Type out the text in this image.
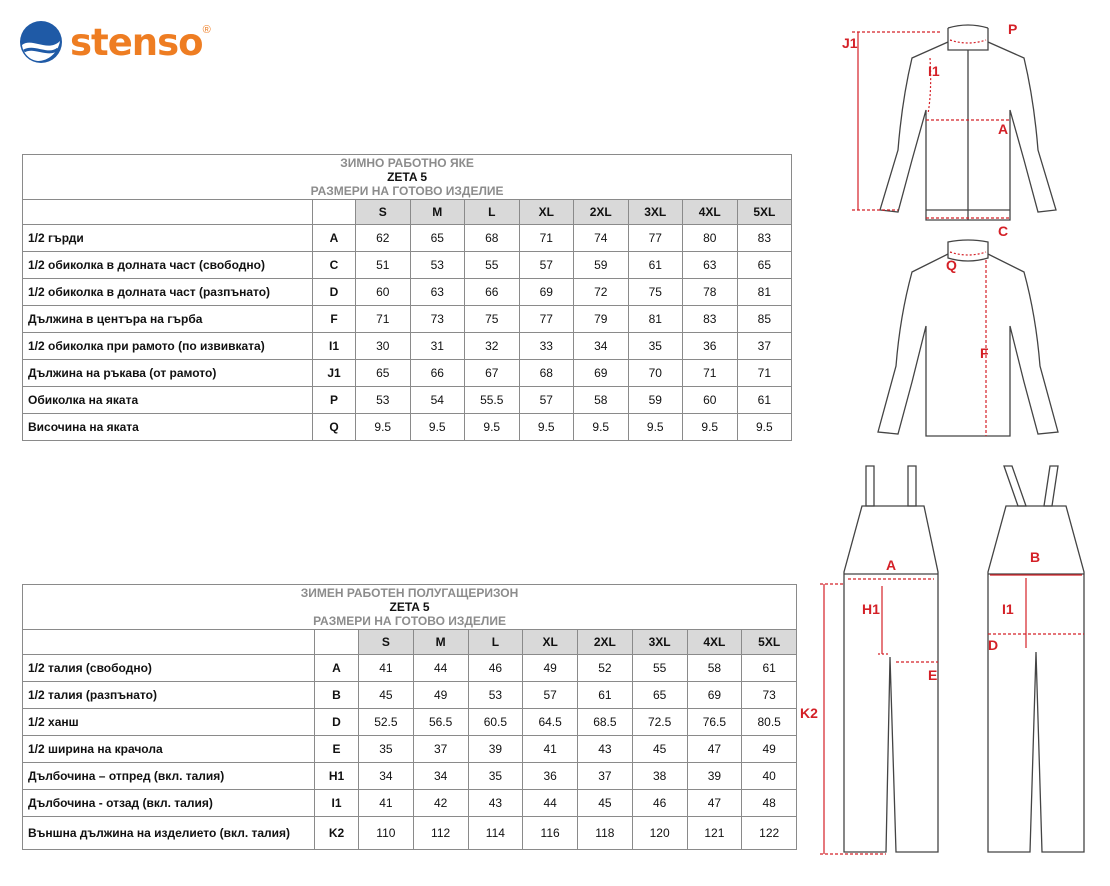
stenso ®
ЗИМНО РАБОТНО ЯКЕ
ZETA 5
РАЗМЕРИ НА ГОТОВО ИЗДЕЛИЕ									

		S	M	L	XL	2XL	3XL	4XL	5XL
1/2 гърди	A	62	65	68	71	74	77	80	83
1/2 обиколка в долната част (свободно)	C	51	53	55	57	59	61	63	65
1/2 обиколка в долната част (разпънато)	D	60	63	66	69	72	75	78	81
Дължина в центъра на гърба	F	71	73	75	77	79	81	83	85
1/2 обиколка при рамото (по извивката)	I1	30	31	32	33	34	35	36	37
Дължина на ръкава (от рамото)	J1	65	66	67	68	69	70	71	71
Обиколка на яката	P	53	54	55.5	57	58	59	60	61
Височина на яката	Q	9.5	9.5	9.5	9.5	9.5	9.5	9.5	9.5
ЗИМЕН РАБОТЕН ПОЛУГАЩЕРИЗОН
ZETA 5
РАЗМЕРИ НА ГОТОВО ИЗДЕЛИЕ									

		S	M	L	XL	2XL	3XL	4XL	5XL
1/2 талия (свободно)	A	41	44	46	49	52	55	58	61
1/2 талия (разпънато)	B	45	49	53	57	61	65	69	73
1/2 ханш	D	52.5	56.5	60.5	64.5	68.5	72.5	76.5	80.5
1/2 ширина на крачола	E	35	37	39	41	43	45	47	49
Дълбочина – отпред (вкл. талия)	H1	34	34	35	36	37	38	39	40
Дълбочина - отзад (вкл. талия)	I1	41	42	43	44	45	46	47	48
Външна дължина на изделието (вкл. талия)	K2	110	112	114	116	118	120	121	122
J1
P
I1
A
C
Q
F
A
H1
E
K2
B
I1
D
